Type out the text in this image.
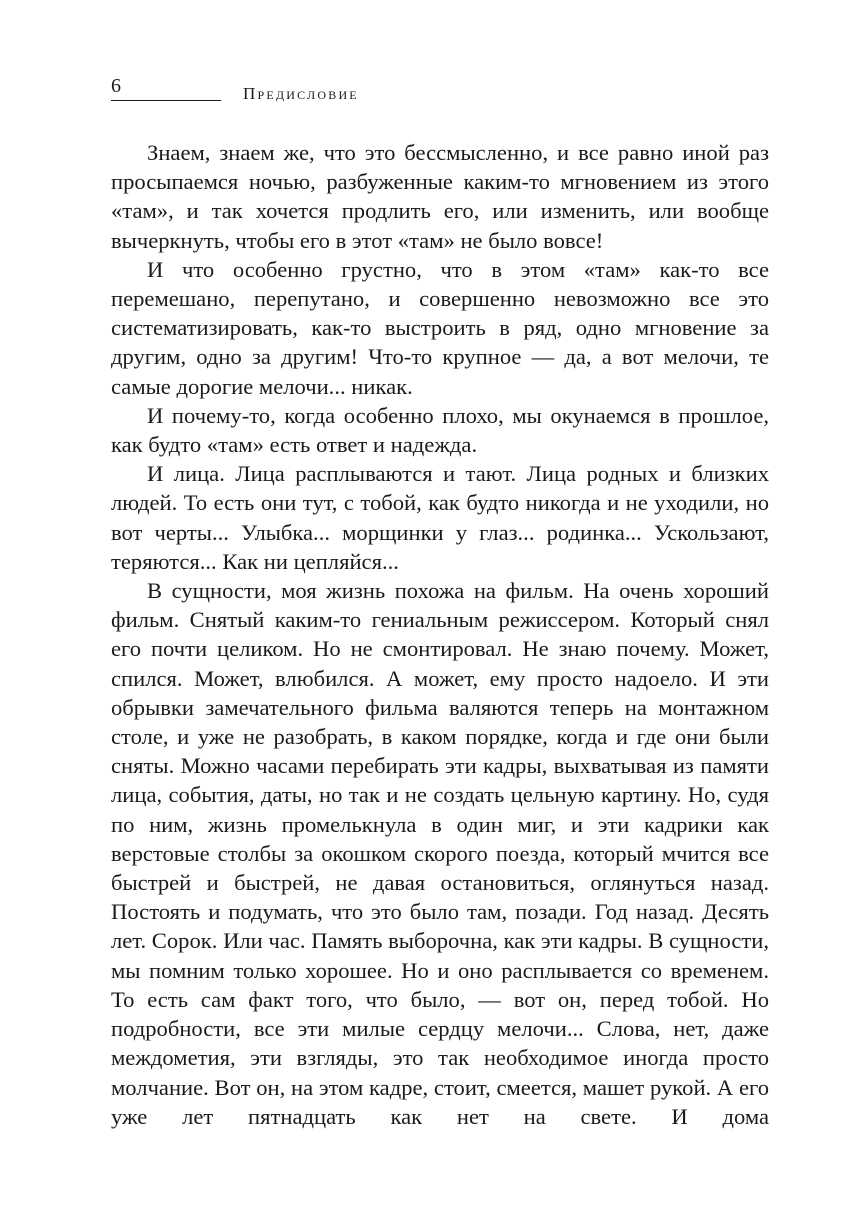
6	Предисловие

Знаем, знаем же, что это бессмысленно, и все равно иной раз просыпаемся ночью, разбуженные каким-то мгновением из этого «там», и так хочется продлить его, или изменить, или вообще вычеркнуть, чтобы его в этот «там» не было вовсе!

И что особенно грустно, что в этом «там» как-то все перемешано, перепутано, и совершенно невозможно все это систематизировать, как-то выстроить в ряд, одно мгновение за другим, одно за другим! Что-то крупное — да, а вот мелочи, те самые дорогие мелочи... никак.

И почему-то, когда особенно плохо, мы окунаемся в прошлое, как будто «там» есть ответ и надежда.

И лица. Лица расплываются и тают. Лица родных и близких людей. То есть они тут, с тобой, как будто никогда и не уходили, но вот черты... Улыбка... морщинки у глаз... родинка... Ускользают, теряются... Как ни цепляйся...

В сущности, моя жизнь похожа на фильм. На очень хороший фильм. Снятый каким-то гениальным режиссером. Который снял его почти целиком. Но не смонтировал. Не знаю почему. Может, спился. Может, влюбился. А может, ему просто надоело. И эти обрывки замечательного фильма валяются теперь на монтажном столе, и уже не разобрать, в каком порядке, когда и где они были сняты. Можно часами перебирать эти кадры, выхватывая из памяти лица, события, даты, но так и не создать цельную картину. Но, судя по ним, жизнь промелькнула в один миг, и эти кадрики как верстовые столбы за окошком скорого поезда, который мчится все быстрей и быстрей, не давая остановиться, оглянуться назад. Постоять и подумать, что это было там, позади. Год назад. Десять лет. Сорок. Или час. Память выборочна, как эти кадры. В сущности, мы помним только хорошее. Но и оно расплывается со временем. То есть сам факт того, что было, — вот он, перед тобой. Но подробности, все эти милые сердцу мелочи... Слова, нет, даже междометия, эти взгляды, это так необходимое иногда просто молчание. Вот он, на этом кадре, стоит, смеется, машет рукой. А его уже лет пятнадцать как нет на свете. И дома
